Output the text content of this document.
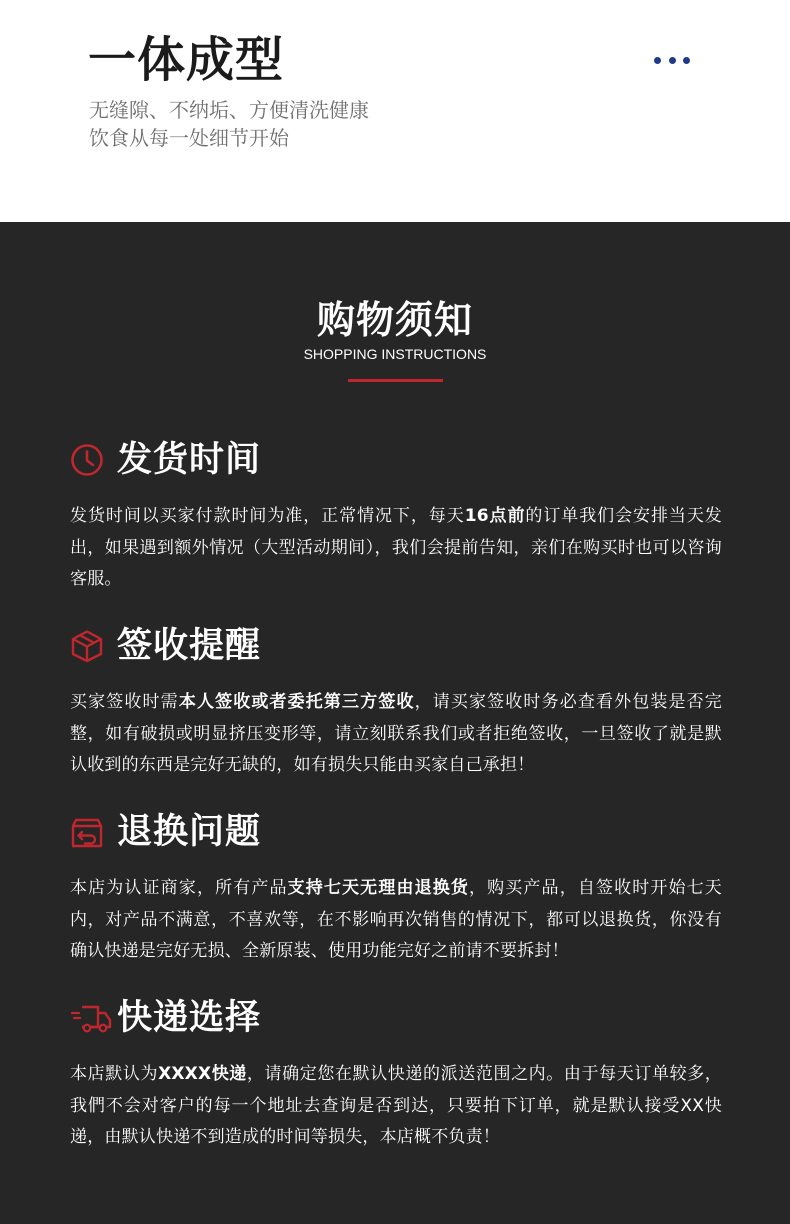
一体成型
无缝隙、不纳垢、方便清洗健康
饮食从每一处细节开始
购物须知
SHOPPING INSTRUCTIONS
发货时间
发货时间以买家付款时间为准，正常情况下，每天16点前的订单我们会安排当天发出，如果遇到额外情况（大型活动期间），我们会提前告知，亲们在购买时也可以咨询客服。
签收提醒
买家签收时需本人签收或者委托第三方签收，请买家签收时务必查看外包装是否完整，如有破损或明显挤压变形等，请立刻联系我们或者拒绝签收，一旦签收了就是默认收到的东西是完好无缺的，如有损失只能由买家自己承担！
退换问题
本店为认证商家，所有产品支持七天无理由退换货，购买产品，自签收时开始七天内，对产品不满意，不喜欢等，在不影响再次销售的情况下，都可以退换货，你没有确认快递是完好无损、全新原装、使用功能完好之前请不要拆封！
快递选择
本店默认为XXXX快递，请确定您在默认快递的派送范围之内。由于每天订单较多，我們不会对客户的每一个地址去查询是否到达，只要拍下订单，就是默认接受XX快递，由默认快递不到造成的时间等损失，本店概不负责！
